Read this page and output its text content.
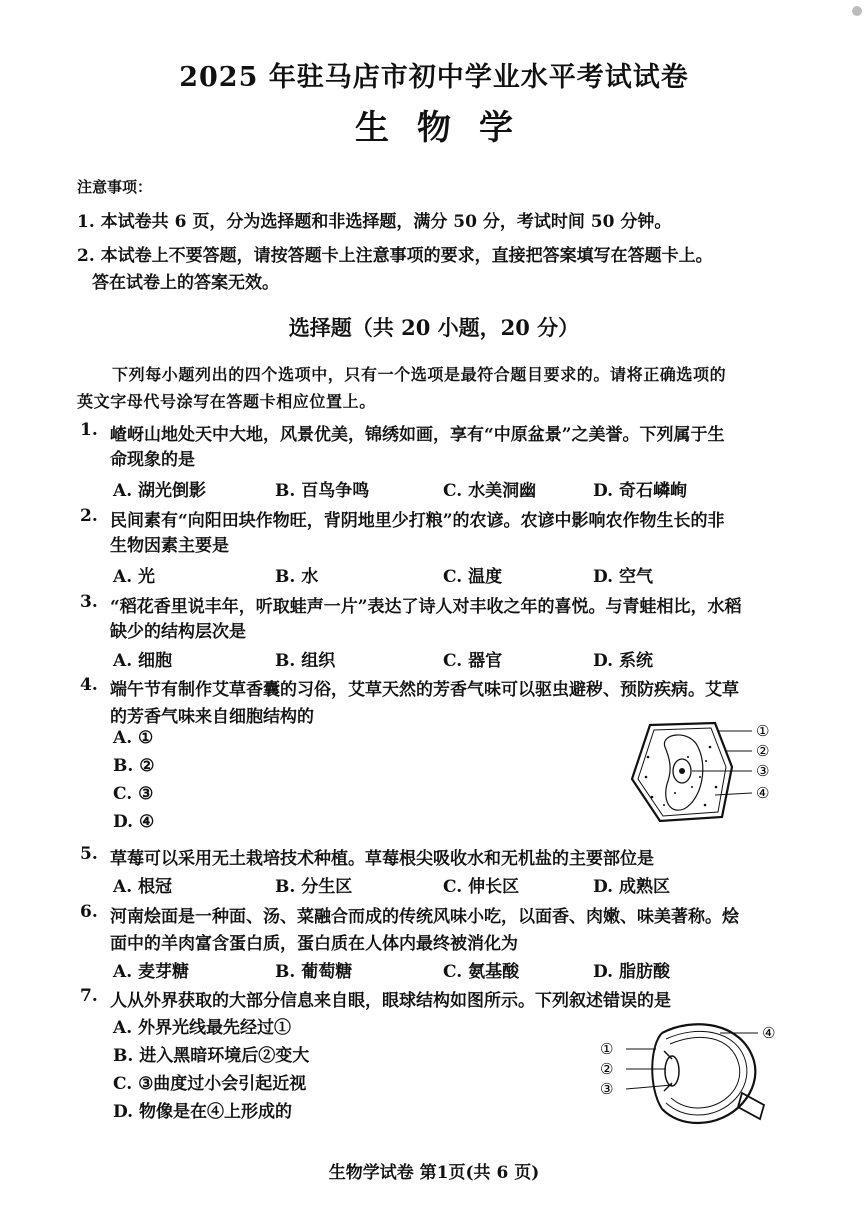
2025 年驻马店市初中学业水平考试试卷
生物学
注意事项：
1. 本试卷共 6 页，分为选择题和非选择题，满分 50 分，考试时间 50 分钟。
2. 本试卷上不要答题，请按答题卡上注意事项的要求，直接把答案填写在答题卡上。
答在试卷上的答案无效。
选择题（共 20 小题，20 分）
下列每小题列出的四个选项中，只有一个选项是最符合题目要求的。请将正确选项的
英文字母代号涂写在答题卡相应位置上。
1. 嵖岈山地处天中大地，风景优美，锦绣如画，享有“中原盆景”之美誉。下列属于生
命现象的是
A. 湖光倒影	B. 百鸟争鸣	C. 水美洞幽	D. 奇石嶙峋
2. 民间素有“向阳田块作物旺，背阴地里少打粮”的农谚。农谚中影响农作物生长的非
生物因素主要是
A. 光	B. 水	C. 温度	D. 空气
3. “稻花香里说丰年，听取蛙声一片”表达了诗人对丰收之年的喜悦。与青蛙相比，水稻
缺少的结构层次是
A. 细胞	B. 组织	C. 器官	D. 系统
4. 端午节有制作艾草香囊的习俗，艾草天然的芳香气味可以驱虫避秽、预防疾病。艾草
的芳香气味来自细胞结构的
A. ①
B. ②
C. ③
D. ④
①
②
③
④
5. 草莓可以采用无土栽培技术种植。草莓根尖吸收水和无机盐的主要部位是
A. 根冠	B. 分生区	C. 伸长区	D. 成熟区
6. 河南烩面是一种面、汤、菜融合而成的传统风味小吃，以面香、肉嫩、味美著称。烩
面中的羊肉富含蛋白质，蛋白质在人体内最终被消化为
A. 麦芽糖	B. 葡萄糖	C. 氨基酸	D. 脂肪酸
7. 人从外界获取的大部分信息来自眼，眼球结构如图所示。下列叙述错误的是
A. 外界光线最先经过①
B. 进入黑暗环境后②变大
C. ③曲度过小会引起近视
D. 物像是在④上形成的
①
②
③
④
生物学试卷 第1页(共 6 页)
